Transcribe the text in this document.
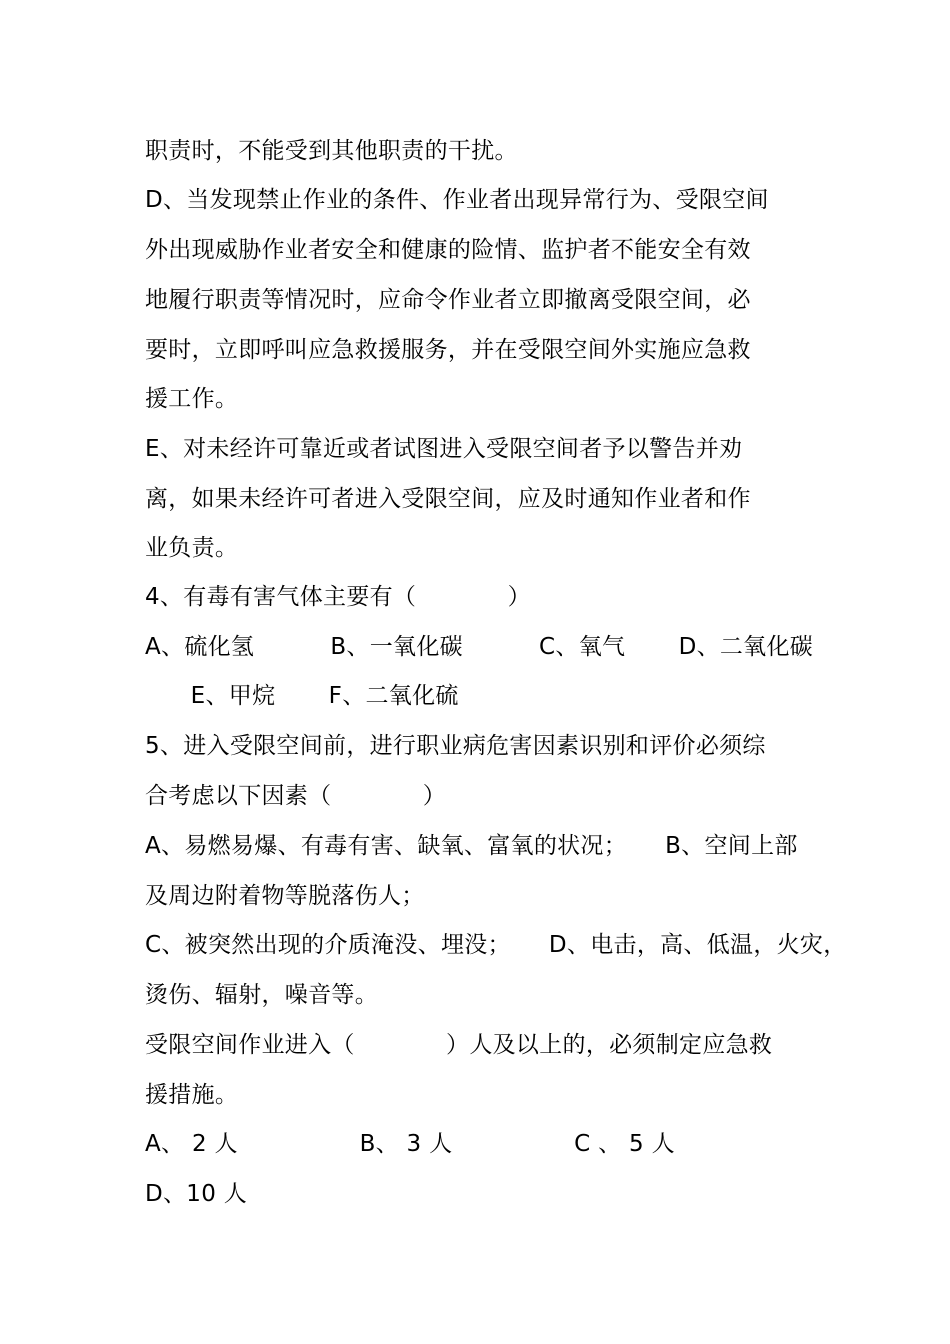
职责时，不能受到其他职责的干扰。
D、当发现禁止作业的条件、作业者出现异常行为、受限空间
外出现威胁作业者安全和健康的险情、监护者不能安全有效
地履行职责等情况时，应命令作业者立即撤离受限空间，必
要时，立即呼叫应急救援服务，并在受限空间外实施应急救
援工作。
E、对未经许可靠近或者试图进入受限空间者予以警告并劝
离，如果未经许可者进入受限空间，应及时通知作业者和作
业负责。
4、有毒有害气体主要有（            ）
A、硫化氢          B、一氧化碳          C、氧气       D、二氧化碳
E、甲烷       F、二氧化硫
5、进入受限空间前，进行职业病危害因素识别和评价必须综
合考虑以下因素（            ）
A、易燃易爆、有毒有害、缺氧、富氧的状况；     B、空间上部
及周边附着物等脱落伤人；
C、被突然出现的介质淹没、埋没；     D、电击，高、低温，火灾，
烫伤、辐射，噪音等。
受限空间作业进入（            ）人及以上的，必须制定应急救
援措施。
A、 2 人                B、 3 人                C 、 5 人
D、10 人
